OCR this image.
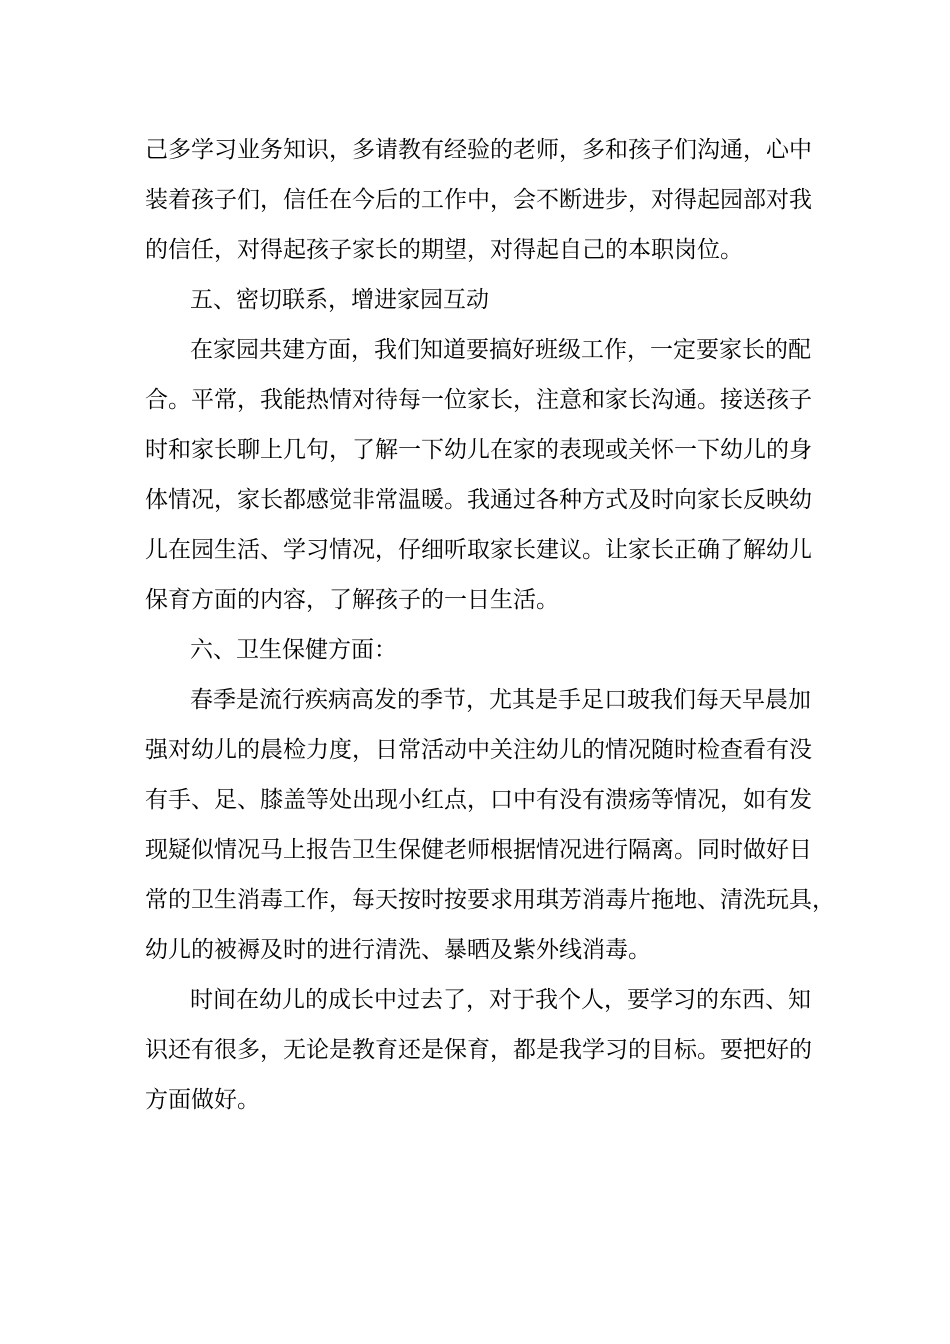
己多学习业务知识，多请教有经验的老师，多和孩子们沟通，心中
装着孩子们，信任在今后的工作中，会不断进步，对得起园部对我
的信任，对得起孩子家长的期望，对得起自己的本职岗位。
五、密切联系，增进家园互动
在家园共建方面，我们知道要搞好班级工作，一定要家长的配
合。平常，我能热情对待每一位家长，注意和家长沟通。接送孩子
时和家长聊上几句，了解一下幼儿在家的表现或关怀一下幼儿的身
体情况，家长都感觉非常温暖。我通过各种方式及时向家长反映幼
儿在园生活、学习情况，仔细听取家长建议。让家长正确了解幼儿
保育方面的内容，了解孩子的一日生活。
六、卫生保健方面：
春季是流行疾病高发的季节，尤其是手足口玻我们每天早晨加
强对幼儿的晨检力度，日常活动中关注幼儿的情况随时检查看有没
有手、足、膝盖等处出现小红点，口中有没有溃疡等情况，如有发
现疑似情况马上报告卫生保健老师根据情况进行隔离。同时做好日
常的卫生消毒工作，每天按时按要求用琪芳消毒片拖地、清洗玩具，
幼儿的被褥及时的进行清洗、暴晒及紫外线消毒。
时间在幼儿的成长中过去了，对于我个人，要学习的东西、知
识还有很多，无论是教育还是保育，都是我学习的目标。要把好的
方面做好。
